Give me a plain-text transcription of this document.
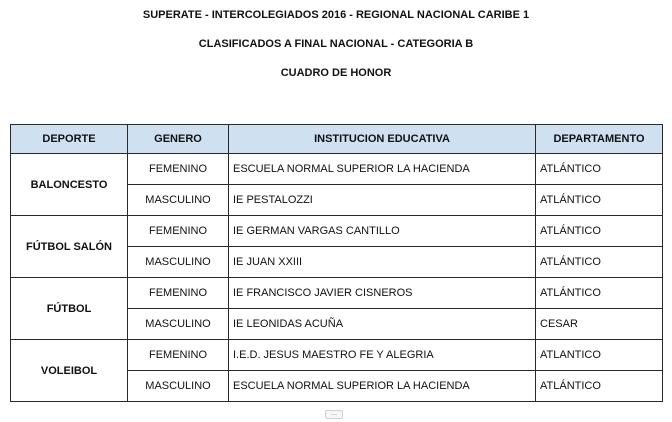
SUPERATE - INTERCOLEGIADOS 2016 - REGIONAL NACIONAL CARIBE 1
CLASIFICADOS A FINAL NACIONAL - CATEGORIA B
CUADRO DE HONOR
DEPORTE	GENERO	INSTITUCION EDUCATIVA	DEPARTAMENTO
BALONCESTO	FEMENINO	ESCUELA NORMAL SUPERIOR LA HACIENDA	ATLÁNTICO
	MASCULINO	IE PESTALOZZI	ATLÁNTICO
FÚTBOL SALÓN	FEMENINO	IE GERMAN VARGAS CANTILLO	ATLÁNTICO
	MASCULINO	IE JUAN XXIII	ATLÁNTICO
FÚTBOL	FEMENINO	IE FRANCISCO JAVIER CISNEROS	ATLÁNTICO
	MASCULINO	IE LEONIDAS ACUÑA	CESAR
VOLEIBOL	FEMENINO	I.E.D. JESUS MAESTRO FE Y ALEGRIA	ATLANTICO
	MASCULINO	ESCUELA NORMAL SUPERIOR LA HACIENDA	ATLÁNTICO
...
